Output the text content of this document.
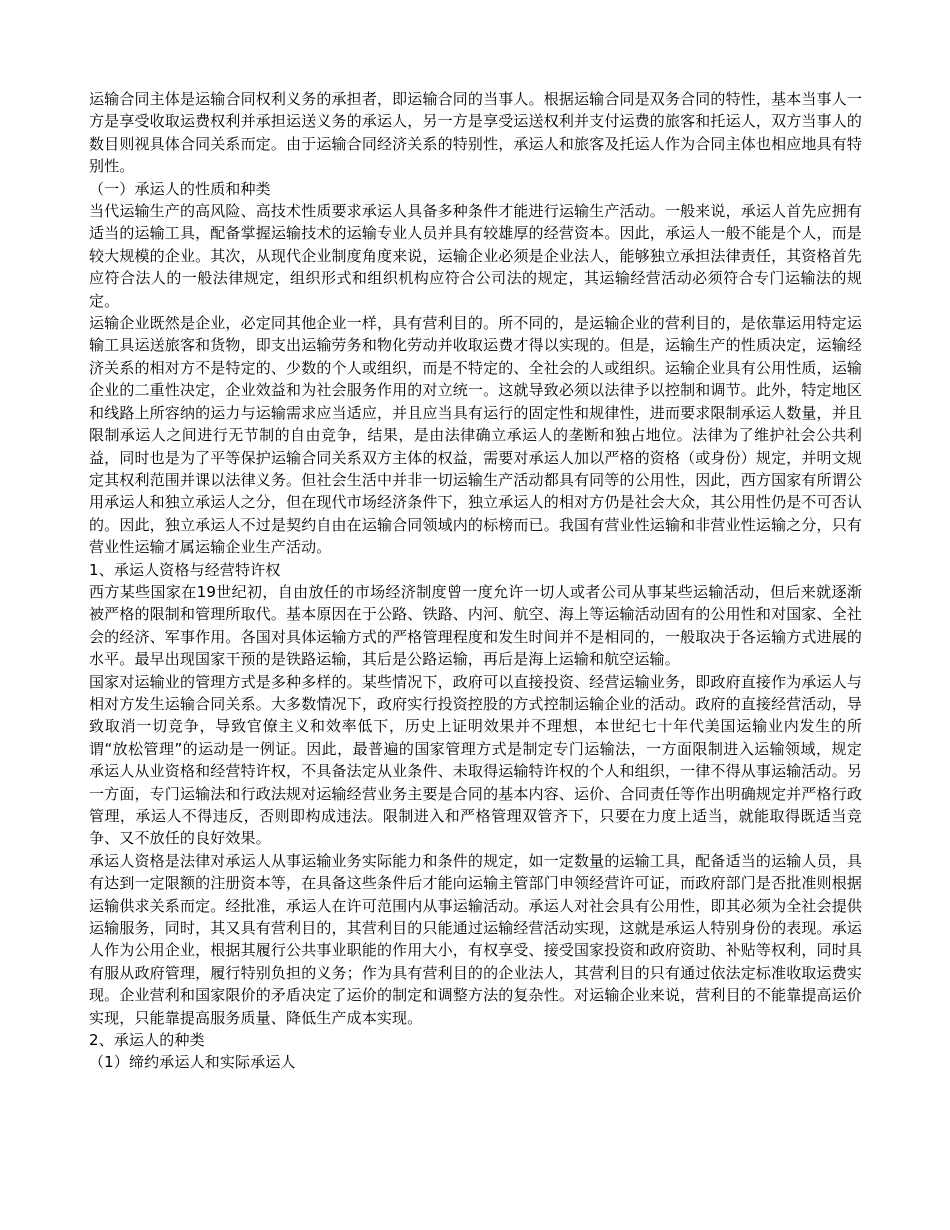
运输合同主体是运输合同权利义务的承担者，即运输合同的当事人。根据运输合同是双务合同的特性，基本当事人一方是享受收取运费权利并承担运送义务的承运人，另一方是享受运送权利并支付运费的旅客和托运人，双方当事人的数目则视具体合同关系而定。由于运输合同经济关系的特别性，承运人和旅客及托运人作为合同主体也相应地具有特别性。

（一）承运人的性质和种类

当代运输生产的高风险、高技术性质要求承运人具备多种条件才能进行运输生产活动。一般来说，承运人首先应拥有适当的运输工具，配备掌握运输技术的运输专业人员并具有较雄厚的经营资本。因此，承运人一般不能是个人，而是较大规模的企业。其次，从现代企业制度角度来说，运输企业必须是企业法人，能够独立承担法律责任，其资格首先应符合法人的一般法律规定，组织形式和组织机构应符合公司法的规定，其运输经营活动必须符合专门运输法的规定。

运输企业既然是企业，必定同其他企业一样，具有营利目的。所不同的，是运输企业的营利目的，是依靠运用特定运输工具运送旅客和货物，即支出运输劳务和物化劳动并收取运费才得以实现的。但是，运输生产的性质决定，运输经济关系的相对方不是特定的、少数的个人或组织，而是不特定的、全社会的人或组织。运输企业具有公用性质，运输企业的二重性决定，企业效益和为社会服务作用的对立统一。这就导致必须以法律予以控制和调节。此外，特定地区和线路上所容纳的运力与运输需求应当适应，并且应当具有运行的固定性和规律性，进而要求限制承运人数量，并且限制承运人之间进行无节制的自由竞争，结果，是由法律确立承运人的垄断和独占地位。法律为了维护社会公共利益，同时也是为了平等保护运输合同关系双方主体的权益，需要对承运人加以严格的资格（或身份）规定，并明文规定其权利范围并课以法律义务。但社会生活中并非一切运输生产活动都具有同等的公用性，因此，西方国家有所谓公用承运人和独立承运人之分，但在现代市场经济条件下，独立承运人的相对方仍是社会大众，其公用性仍是不可否认的。因此，独立承运人不过是契约自由在运输合同领域内的标榜而已。我国有营业性运输和非营业性运输之分，只有营业性运输才属运输企业生产活动。

1、承运人资格与经营特许权

西方某些国家在19世纪初，自由放任的市场经济制度曾一度允许一切人或者公司从事某些运输活动，但后来就逐渐被严格的限制和管理所取代。基本原因在于公路、铁路、内河、航空、海上等运输活动固有的公用性和对国家、全社会的经济、军事作用。各国对具体运输方式的严格管理程度和发生时间并不是相同的，一般取决于各运输方式进展的水平。最早出现国家干预的是铁路运输，其后是公路运输，再后是海上运输和航空运输。

国家对运输业的管理方式是多种多样的。某些情况下，政府可以直接投资、经营运输业务，即政府直接作为承运人与相对方发生运输合同关系。大多数情况下，政府实行投资控股的方式控制运输企业的活动。政府的直接经营活动，导致取消一切竞争，导致官僚主义和效率低下，历史上证明效果并不理想，本世纪七十年代美国运输业内发生的所谓“放松管理”的运动是一例证。因此，最普遍的国家管理方式是制定专门运输法，一方面限制进入运输领域，规定承运人从业资格和经营特许权，不具备法定从业条件、未取得运输特许权的个人和组织，一律不得从事运输活动。另一方面，专门运输法和行政法规对运输经营业务主要是合同的基本内容、运价、合同责任等作出明确规定并严格行政管理，承运人不得违反，否则即构成违法。限制进入和严格管理双管齐下，只要在力度上适当，就能取得既适当竞争、又不放任的良好效果。

承运人资格是法律对承运人从事运输业务实际能力和条件的规定，如一定数量的运输工具，配备适当的运输人员，具有达到一定限额的注册资本等，在具备这些条件后才能向运输主管部门申领经营许可证，而政府部门是否批准则根据运输供求关系而定。经批准，承运人在许可范围内从事运输活动。承运人对社会具有公用性，即其必须为全社会提供运输服务，同时，其又具有营利目的，其营利目的只能通过运输经营活动实现，这就是承运人特别身份的表现。承运人作为公用企业，根据其履行公共事业职能的作用大小，有权享受、接受国家投资和政府资助、补贴等权利，同时具有服从政府管理，履行特别负担的义务；作为具有营利目的的企业法人，其营利目的只有通过依法定标准收取运费实现。企业营利和国家限价的矛盾决定了运价的制定和调整方法的复杂性。对运输企业来说，营利目的不能靠提高运价实现，只能靠提高服务质量、降低生产成本实现。

2、承运人的种类

（1）缔约承运人和实际承运人
